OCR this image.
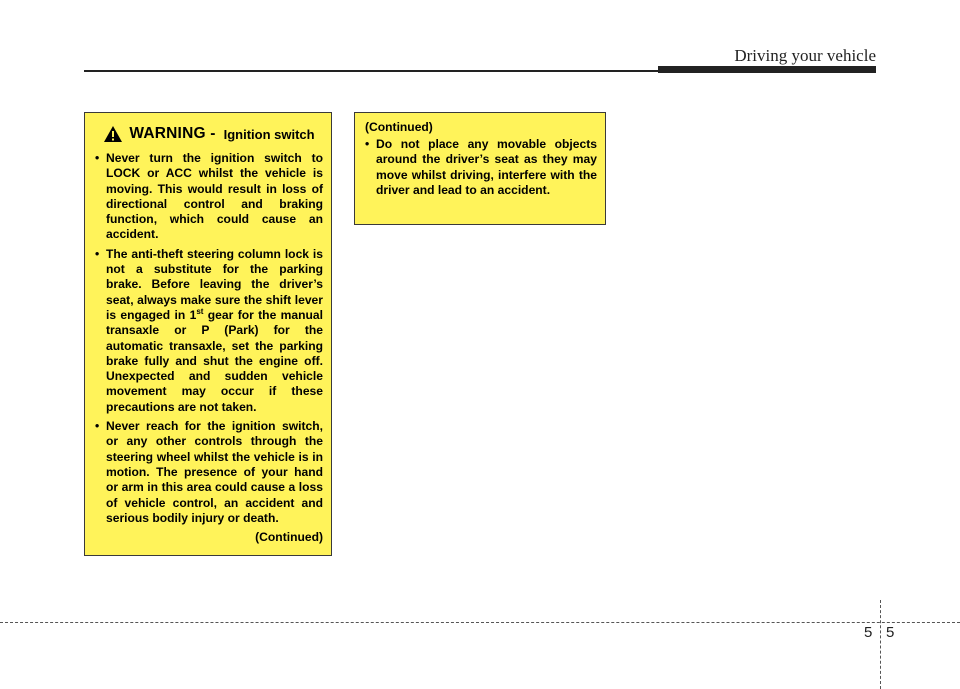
Driving your vehicle
WARNING - Ignition switch
• Never turn the ignition switch to LOCK or ACC whilst the vehicle is moving. This would result in loss of directional control and braking function, which could cause an accident.
• The anti-theft steering column lock is not a substitute for the parking brake. Before leaving the driver’s seat, always make sure the shift lever is engaged in 1st gear for the manual transaxle or P (Park) for the automatic transaxle, set the parking brake fully and shut the engine off. Unexpected and sudden vehicle movement may occur if these precautions are not taken.
• Never reach for the ignition switch, or any other controls through the steering wheel whilst the vehicle is in motion. The presence of your hand or arm in this area could cause a loss of vehicle control, an accident and serious bodily injury or death.
(Continued)
(Continued)
• Do not place any movable objects around the driver’s seat as they may move whilst driving, interfere with the driver and lead to an accident.
5 5
